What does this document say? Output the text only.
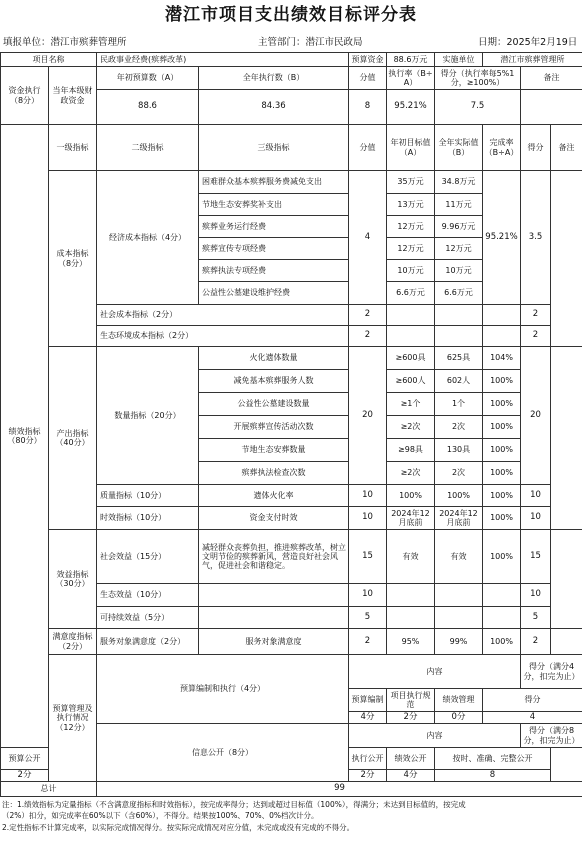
潜江市项目支出绩效目标评分表
填报单位：潜江市殡葬管理所	主管部门：潜江市民政局	日期：2025年2月19日
项目名称		民政事业经费(殡葬改革)		预算资金	88.6万元	实施单位	潜江市殡葬管理所			
资金执行（8分）	当年本级财政资金	年初预算数（A）	全年执行数（B）	分值	执行率（B÷A）	得分（执行率每5%1分，≥100%）		备注		
		88.6	84.36	8	95.21%	7.5				
绩效指标（80分）	一级指标	二级指标	三级指标	分值	年初目标值（A）	全年实际值（B）	完成率（B÷A）	得分	备注	
	成本指标（8分）	经济成本指标（4分）	困难群众基本殡葬服务费减免支出	4	35万元	34.8万元	95.21%	3.5		
			节地生态安葬奖补支出		13万元	11万元				
			殡葬业务运行经费		12万元	9.96万元				
			殡葬宣传专项经费		12万元	12万元				
			殡葬执法专项经费		10万元	10万元				
			公益性公墓建设维护经费		6.6万元	6.6万元				
		社会成本指标（2分）		2				2		
		生态环境成本指标（2分）		2				2		
	产出指标（40分）	数量指标（20分）	火化遗体数量	20	≥600具	625具	104%	20		
			减免基本殡葬服务人数		≥600人	602人	100%			
			公益性公墓建设数量		≥1个	1个	100%			
			开展殡葬宣传活动次数		≥2次	2次	100%			
			节地生态安葬数量		≥98具	130具	100%			
			殡葬执法检查次数		≥2次	2次	100%			
		质量指标（10分）	遗体火化率	10	100%	100%	100%	10		
		时效指标（10分）	资金支付时效	10	2024年12月底前	2024年12月底前	100%	10		
	效益指标（30分）	社会效益（15分）	减轻群众丧葬负担，推进殡葬改革，树立文明节俭的殡葬新风，营造良好社会风气，促进社会和谐稳定。	15	有效	有效	100%	15		
		生态效益（10分）		10				10		
		可持续效益（5分）		5				5		
	满意度指标（2分）	服务对象满意度（2分）	服务对象满意度	2	95%	99%	100%	2		
	预算管理及执行情况（12分）	预算编制和执行（4分）		内容				得分（满分4分，扣完为止）	
				预算编制	项目执行规范	绩效管理	得分			
				4分	2分	0分	4			
		信息公开（8分）		内容				得分（满分8分，扣完为止）	
预算公开				执行公开	绩效公开	按时、准确、完整公开				
2分				2分	4分	8				
总计		99								
注：1.绩效指标为定量指标（不含满意度指标和时效指标），按完成率得分；达到或超过目标值（100%），得满分；未达到目标值的，按完成
（2%）扣分，如完成率在60%以下（含60%），不得分。结果按100%、70%、0%档次计分。
2.定性指标不计算完成率，以实际完成情况得分。按实际完成情况对应分值，未完成或没有完成的不得分。
